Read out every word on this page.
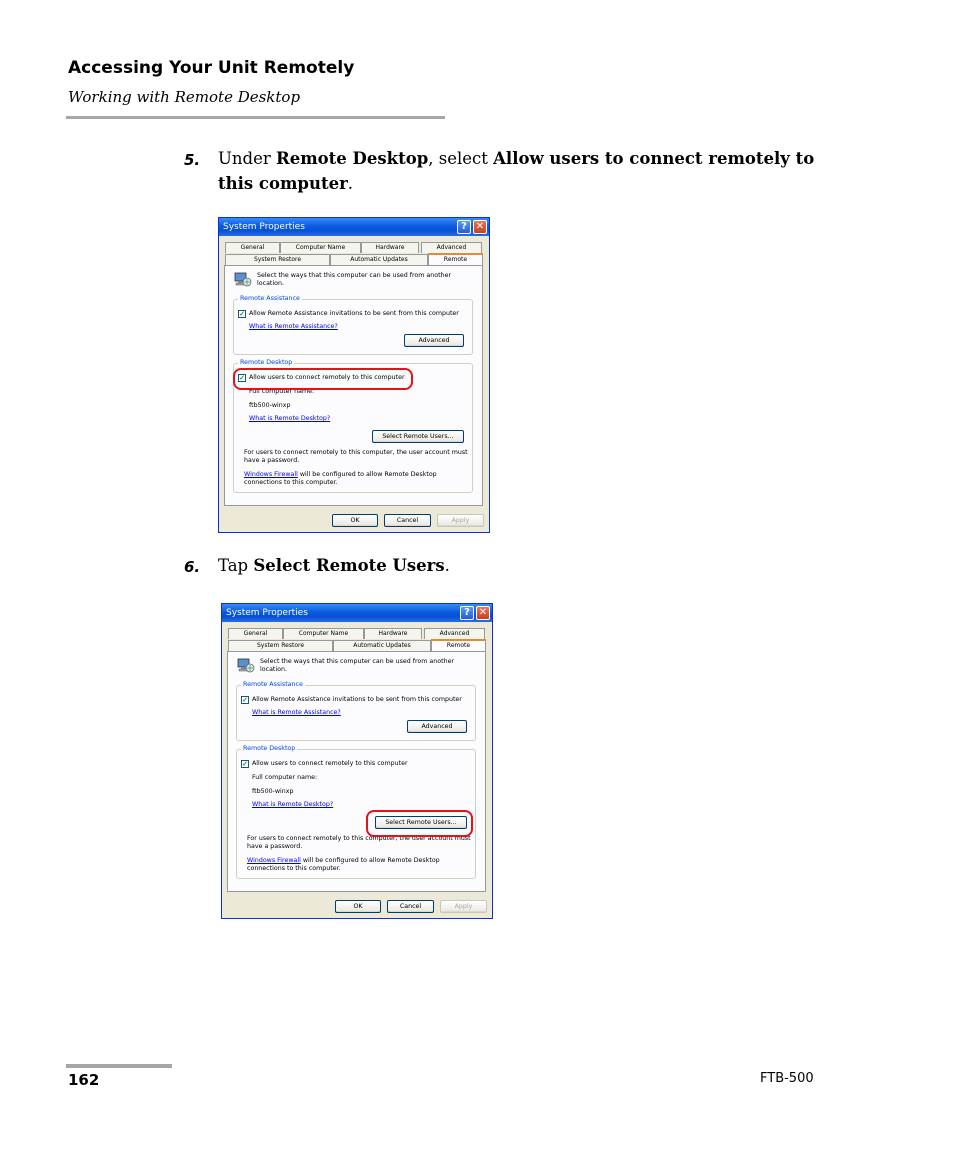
Accessing Your Unit Remotely
Working with Remote Desktop
5. Under Remote Desktop, select Allow users to connect remotely to this computer.
6. Tap Select Remote Users.
System Properties	? ✕
General	Computer Name	Hardware	Advanced
System Restore	Automatic Updates	Remote
Select the ways that this computer can be used from another
location.
Remote Assistance
✓ Allow Remote Assistance invitations to be sent from this computer
What is Remote Assistance?
Advanced
Remote Desktop
✓ Allow users to connect remotely to this computer
Full computer name:
ftb500-winxp
What is Remote Desktop?
Select Remote Users...
For users to connect remotely to this computer, the user account must
have a password.
Windows Firewall will be configured to allow Remote Desktop
connections to this computer.
OK	Cancel	Apply
System Properties	? ✕
General	Computer Name	Hardware	Advanced
System Restore	Automatic Updates	Remote
Select the ways that this computer can be used from another
location.
Remote Assistance
✓ Allow Remote Assistance invitations to be sent from this computer
What is Remote Assistance?
Advanced
Remote Desktop
✓ Allow users to connect remotely to this computer
Full computer name:
ftb500-winxp
What is Remote Desktop?
Select Remote Users...
For users to connect remotely to this computer, the user account must
have a password.
Windows Firewall will be configured to allow Remote Desktop
connections to this computer.
OK	Cancel	Apply
162	FTB-500
